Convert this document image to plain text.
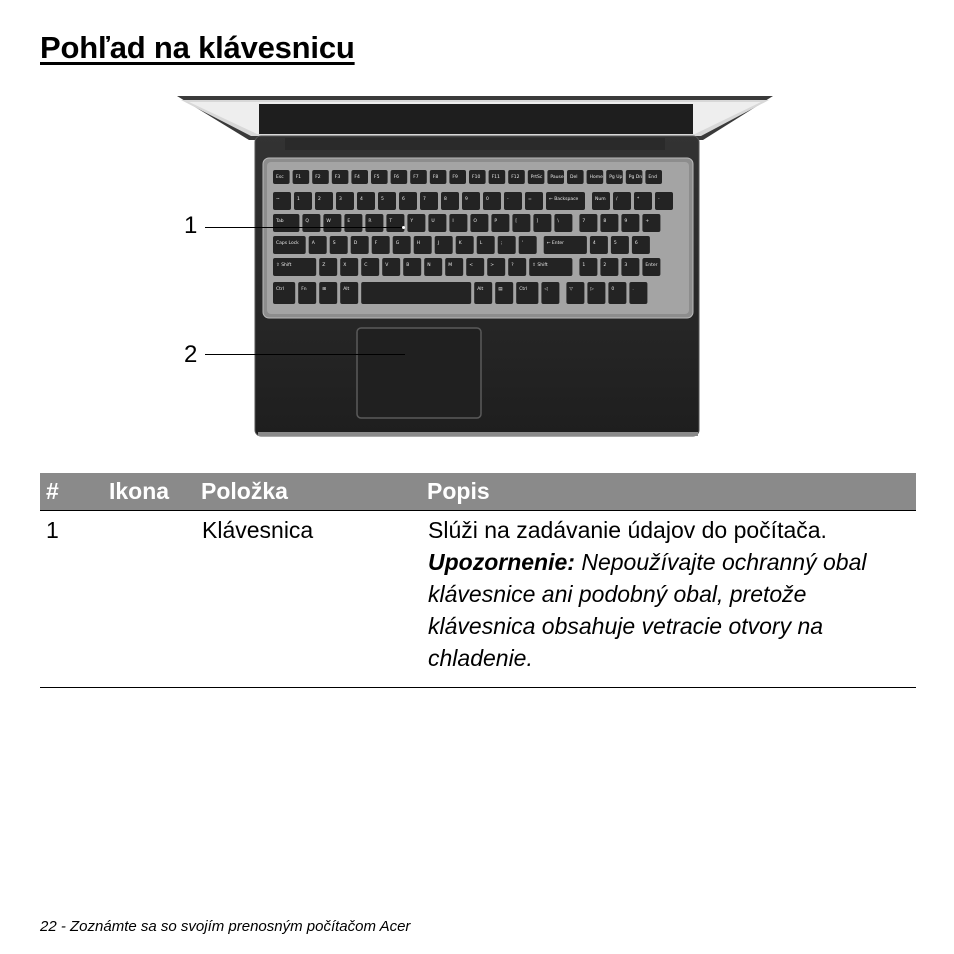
Pohľad na klávesnicu
Esc	F1	F2	F3	F4	F5	F6	F7	F8	F9	F10	F11	F12	PrtSc Pause Del	Home Pg Up Pg Dn End
~	1	2	3	4	5	6	7	8	9	0	-	=	← Backspace	Num /	*	-
Tab	Q	W	E	R	T	Y	U	I	O	P	[	]	\	7	8	9	+
Caps Lock	A	S	D	F	G	H	J	K	L	;	'	← Enter	4	5	6
⇧ Shift	Z	X	C	V	B	N	M	<	>	?	⇧ Shift	1	2	3	Enter
Ctrl	Fn	⊞	Alt	Alt	▤	Ctrl	◁	▽	▷	0	.
1
2
#	Ikona	Položka	Popis
1		Klávesnica	Slúži na zadávanie údajov do počítača.
Upozornenie: Nepoužívajte ochranný obal klávesnice ani podobný obal, pretože klávesnica obsahuje vetracie otvory na chladenie.
22 - Zoznámte sa so svojím prenosným počítačom Acer
